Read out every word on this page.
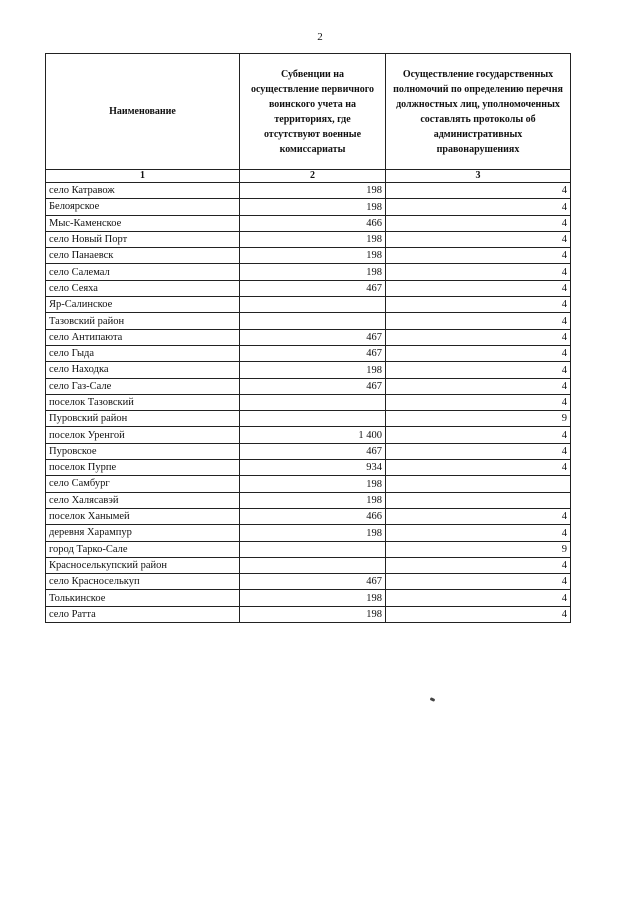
2
Наименование	Субвенции на осуществление первичного воинского учета на территориях, где отсутствуют военные комиссариаты	Осуществление государственных полномочий по определению перечня должностных лиц, уполномоченных составлять протоколы об административных правонарушениях
1	2	3
село Катравож	198	4
Белоярское	198	4
Мыс-Каменское	466	4
село Новый Порт	198	4
село Панаевск	198	4
село Салемал	198	4
село Сеяха	467	4
Яр-Салинское		4
Тазовский район		4
село Антипаюта	467	4
село Гыда	467	4
село Находка	198	4
село Газ-Сале	467	4
поселок Тазовский		4
Пуровский район		9
поселок Уренгой	1 400	4
Пуровское	467	4
поселок Пурпе	934	4
село Самбург	198	
село Халясавэй	198	
поселок Ханымей	466	4
деревня Харампур	198	4
город Тарко-Сале		9
Красноселькупский район		4
село Красноселькуп	467	4
Толькинское	198	4
село Ратта	198	4
